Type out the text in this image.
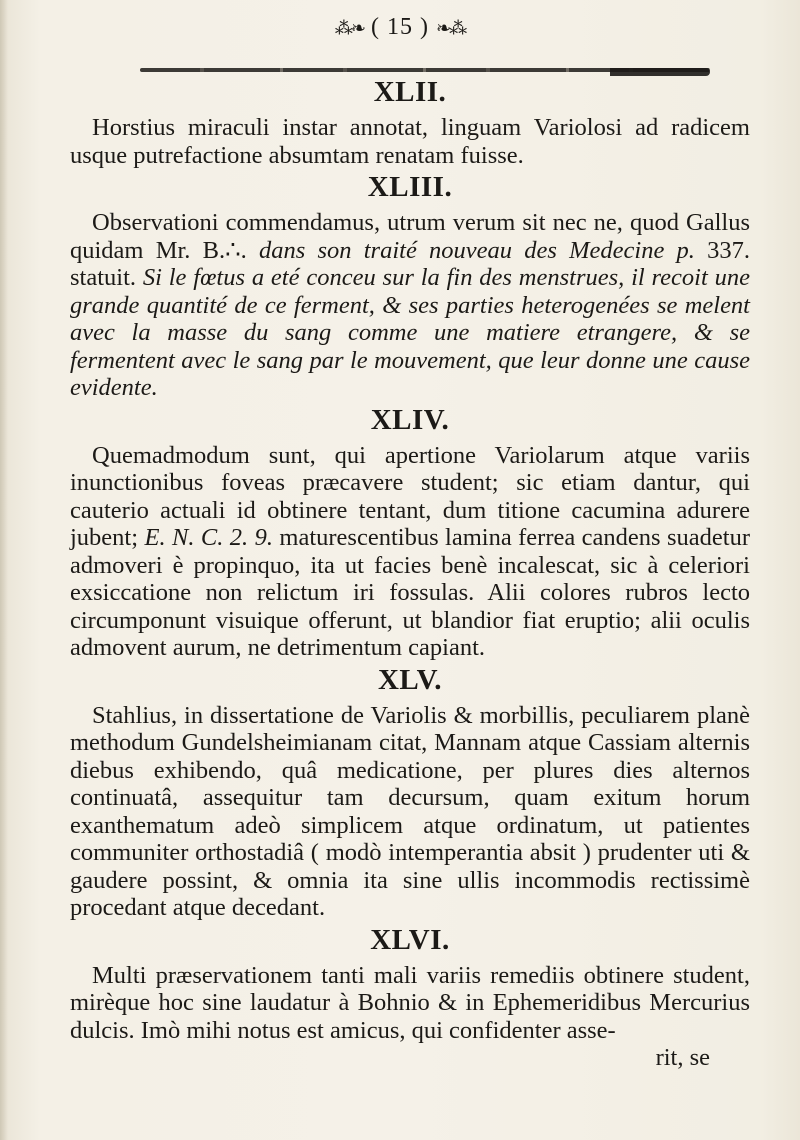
⁂❧ ( 15 ) ❧⁂
XLII.

Horstius miraculi instar annotat, linguam Variolosi ad radicem usque putrefactione absumtam renatam fuisse.

XLIII.

Observationi commendamus, utrum verum sit nec ne, quod Gallus quidam Mr. B.∴. dans son traité nouveau des Medecine p. 337. statuit. Si le fœtus a eté conceu sur la fin des menstrues, il recoit une grande quantité de ce ferment, & ses parties heterogenées se melent avec la masse du sang comme une matiere etrangere, & se fermentent avec le sang par le mouvement, que leur donne une cause evidente.

XLIV.

Quemadmodum sunt, qui apertione Variolarum atque variis inunctionibus foveas præcavere student; sic etiam dantur, qui cauterio actuali id obtinere tentant, dum titione cacumina adurere jubent; E. N. C. 2. 9. maturescentibus lamina ferrea candens suadetur admoveri è propinquo, ita ut facies benè incalescat, sic à celeriori exsiccatione non relictum iri fossulas. Alii colores rubros lecto circumponunt visuique offerunt, ut blandior fiat eruptio; alii oculis admovent aurum, ne detrimentum capiant.

XLV.

Stahlius, in dissertatione de Variolis & morbillis, peculiarem planè methodum Gundelsheimianam citat, Mannam atque Cassiam alternis diebus exhibendo, quâ medicatione, per plures dies alternos continuatâ, assequitur tam decursum, quam exitum horum exanthematum adeò simplicem atque ordinatum, ut patientes communiter orthostadiâ ( modò intemperantia absit ) prudenter uti & gaudere possint, & omnia ita sine ullis incommodis rectissimè procedant atque decedant.

XLVI.

Multi præservationem tanti mali variis remediis obtinere student, mirèque hoc sine laudatur à Bohnio & in Ephemeridibus Mercurius dulcis. Imò mihi notus est amicus, qui confidenter asse-

rit, se
